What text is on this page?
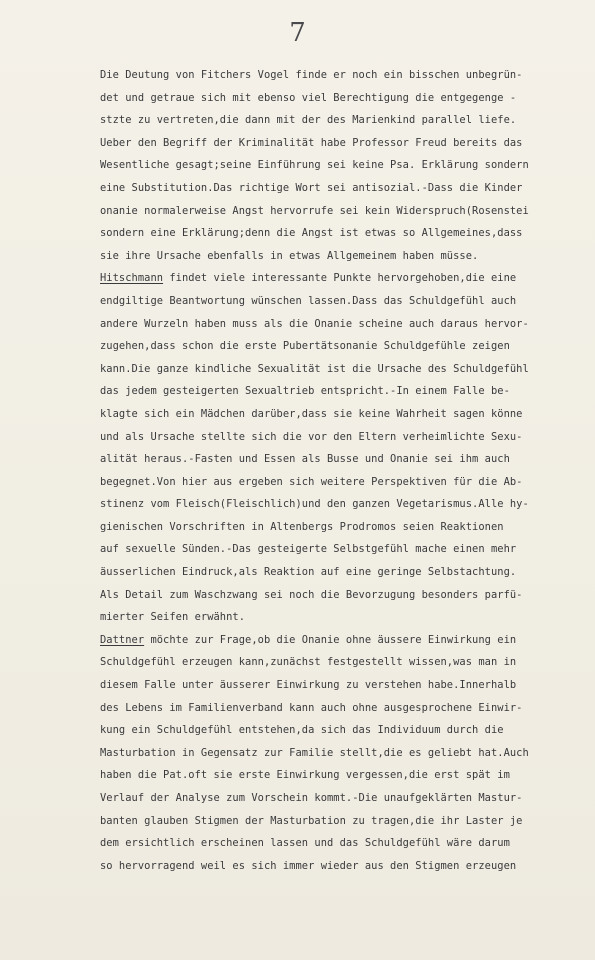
7
Die Deutung von Fitchers Vogel finde er noch ein bisschen unbegrün-
det und getraue sich mit ebenso viel Berechtigung die entgegenge -
stzte zu vertreten,die dann mit der des Marienkind parallel liefe.
Ueber den Begriff der Kriminalität habe Professor Freud bereits das
Wesentliche gesagt;seine Einführung sei keine Psa. Erklärung sondern
eine Substitution.Das richtige Wort sei antisozial.-Dass die Kinder
onanie normalerweise Angst hervorrufe sei kein Widerspruch(Rosenstei
sondern eine Erklärung;denn die Angst ist etwas so Allgemeines,dass
sie ihre Ursache ebenfalls in etwas Allgemeinem haben müsse.
Hitschmann findet viele interessante Punkte hervorgehoben,die eine
endgiltige Beantwortung wünschen lassen.Dass das Schuldgefühl auch
andere Wurzeln haben muss als die Onanie scheine auch daraus hervor-
zugehen,dass schon die erste Pubertätsonanie Schuldgefühle zeigen
kann.Die ganze kindliche Sexualität ist die Ursache des Schuldgefühl
das jedem gesteigerten Sexualtrieb entspricht.-In einem Falle be-
klagte sich ein Mädchen darüber,dass sie keine Wahrheit sagen könne
und als Ursache stellte sich die vor den Eltern verheimlichte Sexu-
alität heraus.-Fasten und Essen als Busse und Onanie sei ihm auch
begegnet.Von hier aus ergeben sich weitere Perspektiven für die Ab-
stinenz vom Fleisch(Fleischlich)und den ganzen Vegetarismus.Alle hy-
gienischen Vorschriften in Altenbergs Prodromos seien Reaktionen
auf sexuelle Sünden.-Das gesteigerte Selbstgefühl mache einen mehr
äusserlichen Eindruck,als Reaktion auf eine geringe Selbstachtung.
Als Detail zum Waschzwang sei noch die Bevorzugung besonders parfü-
mierter Seifen erwähnt.
Dattner möchte zur Frage,ob die Onanie ohne äussere Einwirkung ein
Schuldgefühl erzeugen kann,zunächst festgestellt wissen,was man in
diesem Falle unter äusserer Einwirkung zu verstehen habe.Innerhalb
des Lebens im Familienverband kann auch ohne ausgesprochene Einwir-
kung ein Schuldgefühl entstehen,da sich das Individuum durch die
Masturbation in Gegensatz zur Familie stellt,die es geliebt hat.Auch
haben die Pat.oft sie erste Einwirkung vergessen,die erst spät im
Verlauf der Analyse zum Vorschein kommt.-Die unaufgeklärten Mastur-
banten glauben Stigmen der Masturbation zu tragen,die ihr Laster je
dem ersichtlich erscheinen lassen und das Schuldgefühl wäre darum
so hervorragend weil es sich immer wieder aus den Stigmen erzeugen
